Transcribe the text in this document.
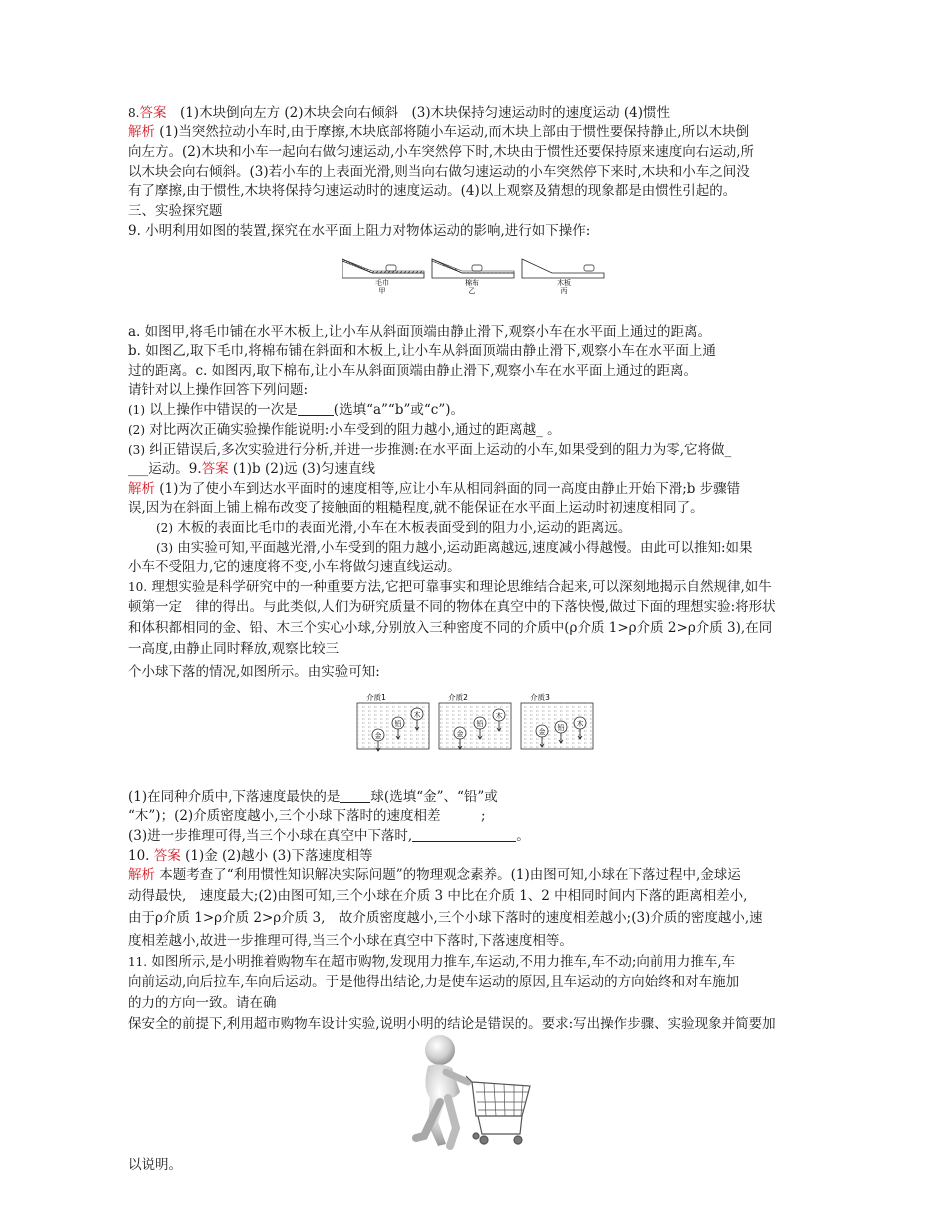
8.答案　 (1)木块倒向左方 (2)木块会向右倾斜　(3)木块保持匀速运动时的速度运动 (4)惯性
解析 (1)当突然拉动小车时,由于摩擦,木块底部将随小车运动,而木块上部由于惯性要保持静止,所以木块倒
向左方。(2)木块和小车一起向右做匀速运动,小车突然停下时,木块由于惯性还要保持原来速度向右运动,所
以木块会向右倾斜。(3)若小车的上表面光滑,则当向右做匀速运动的小车突然停下来时,木块和小车之间没
有了摩擦,由于惯性,木块将保持匀速运动时的速度运动。(4)以上观察及猜想的现象都是由惯性引起的。
三、实验探究题
9. 小明利用如图的装置,探究在水平面上阻力对物体运动的影响,进行如下操作:
毛巾
甲
棉布
乙
木板
丙
a. 如图甲,将毛巾铺在水平木板上,让小车从斜面顶端由静止滑下,观察小车在水平面上通过的距离。
b. 如图乙,取下毛巾,将棉布铺在斜面和木板上,让小车从斜面顶端由静止滑下,观察小车在水平面上通
过的距离。c. 如图丙,取下棉布,让小车从斜面顶端由静止滑下,观察小车在水平面上通过的距离。
请针对以上操作回答下列问题:
(1) 以上操作中错误的一次是	(选填“a”“b”或“c”)。
(2) 对比两次正确实验操作能说明:小车受到的阻力越小,通过的距离越_ 。
(3) 纠正错误后,多次实验进行分析,并进一步推测:在水平面上运动的小车,如果受到的阻力为零,它将做_
___运动。9.答案 (1)b (2)远 (3)匀速直线
解析 (1)为了使小车到达水平面时的速度相等,应让小车从相同斜面的同一高度由静止开始下滑;b 步骤错
误,因为在斜面上铺上棉布改变了接触面的粗糙程度,就不能保证在水平面上运动时初速度相同了。
(2) 木板的表面比毛巾的表面光滑,小车在木板表面受到的阻力小,运动的距离远。
(3) 由实验可知,平面越光滑,小车受到的阻力越小,运动距离越远,速度减小得越慢。由此可以推知:如果
小车不受阻力,它的速度将不变,小车将做匀速直线运动。
10. 理想实验是科学研究中的一种重要方法,它把可靠事实和理论思维结合起来,可以深刻地揭示自然规律,如牛
顿第一定　律的得出。与此类似,人们为研究质量不同的物体在真空中的下落快慢,做过下面的理想实验:将形状
和体积都相同的金、铅、木三个实心小球,分别放入三种密度不同的介质中(ρ介质 1>ρ介质 2>ρ介质 3),在同
一高度,由静止同时释放,观察比较三
个小球下落的情况,如图所示。由实验可知:
介质1
金
铅
木
介质2
金
铅
木
介质3
金 铅 木
(1)在同种介质中,下落速度最快的是 球(选填“金”、“铅”或
“木”)；(2)介质密度越小,三个小球下落时的速度相差　　　;
(3)进一步推理可得,当三个小球在真空中下落时,	。
10. 答案 (1)金 (2)越小 (3)下落速度相等
解析 本题考查了“利用惯性知识解决实际问题”的物理观念素养。(1)由图可知,小球在下落过程中,金球运
动得最快,　速度最大;(2)由图可知,三个小球在介质 3 中比在介质 1、2 中相同时间内下落的距离相差小,
由于ρ介质 1>ρ介质 2>ρ介质 3,　故介质密度越小,三个小球下落时的速度相差越小;(3)介质的密度越小,速
度相差越小,故进一步推理可得,当三个小球在真空中下落时,下落速度相等。
11. 如图所示,是小明推着购物车在超市购物,发现用力推车,车运动,不用力推车,车不动;向前用力推车,车
向前运动,向后拉车,车向后运动。于是他得出结论,力是使车运动的原因,且车运动的方向始终和对车施加
的力的方向一致。请在确
保安全的前提下,利用超市购物车设计实验,说明小明的结论是错误的。要求:写出操作步骤、实验现象并简要加
以说明。
